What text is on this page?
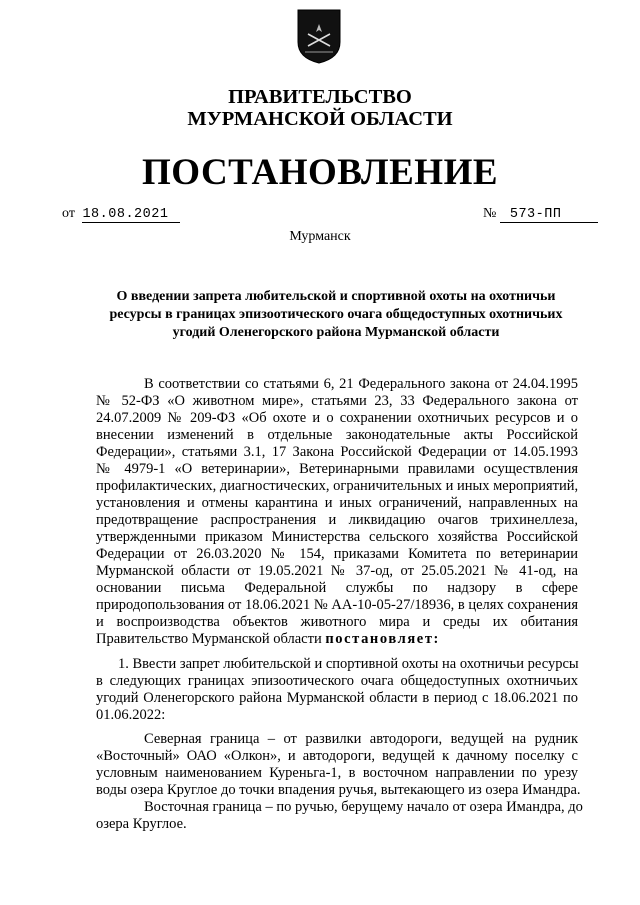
ПРАВИТЕЛЬСТВО
МУРМАНСКОЙ ОБЛАСТИ
ПОСТАНОВЛЕНИЕ
от 18.08.2021	№ 573-ПП
Мурманск
О введении запрета любительской и спортивной охоты на охотничьи
ресурсы в границах эпизоотического очага общедоступных охотничьих
угодий Оленегорского района Мурманской области
В соответствии со статьями 6, 21 Федерального закона от 24.04.1995
№ 52-ФЗ «О животном мире», статьями 23, 33 Федерального закона от
24.07.2009 № 209-ФЗ «Об охоте и о сохранении охотничьих ресурсов и о
внесении изменений в отдельные законодательные акты Российской
Федерации», статьями 3.1, 17 Закона Российской Федерации от 14.05.1993
№ 4979-1 «О ветеринарии», Ветеринарными правилами осуществления
профилактических, диагностических, ограничительных и иных мероприятий,
установления и отмены карантина и иных ограничений, направленных на
предотвращение распространения и ликвидацию очагов трихинеллеза,
утвержденными приказом Министерства сельского хозяйства Российской
Федерации от 26.03.2020 № 154, приказами Комитета по ветеринарии
Мурманской области от 19.05.2021 № 37-од, от 25.05.2021 № 41-од, на
основании письма Федеральной службы по надзору в сфере
природопользования от 18.06.2021 № АА-10-05-27/18936, в целях сохранения
и воспроизводства объектов животного мира и среды их обитания
Правительство Мурманской области постановляет:
1. Ввести запрет любительской и спортивной охоты на охотничьи ресурсы
в следующих границах эпизоотического очага общедоступных охотничьих
угодий Оленегорского района Мурманской области в период с 18.06.2021 по
01.06.2022:
Северная граница – от развилки автодороги, ведущей на рудник
«Восточный» ОАО «Олкон», и автодороги, ведущей к дачному поселку с
условным наименованием Куреньга-1, в восточном направлении по урезу
воды озера Круглое до точки впадения ручья, вытекающего из озера Имандра.
Восточная граница – по ручью, берущему начало от озера Имандра, до
озера Круглое.
